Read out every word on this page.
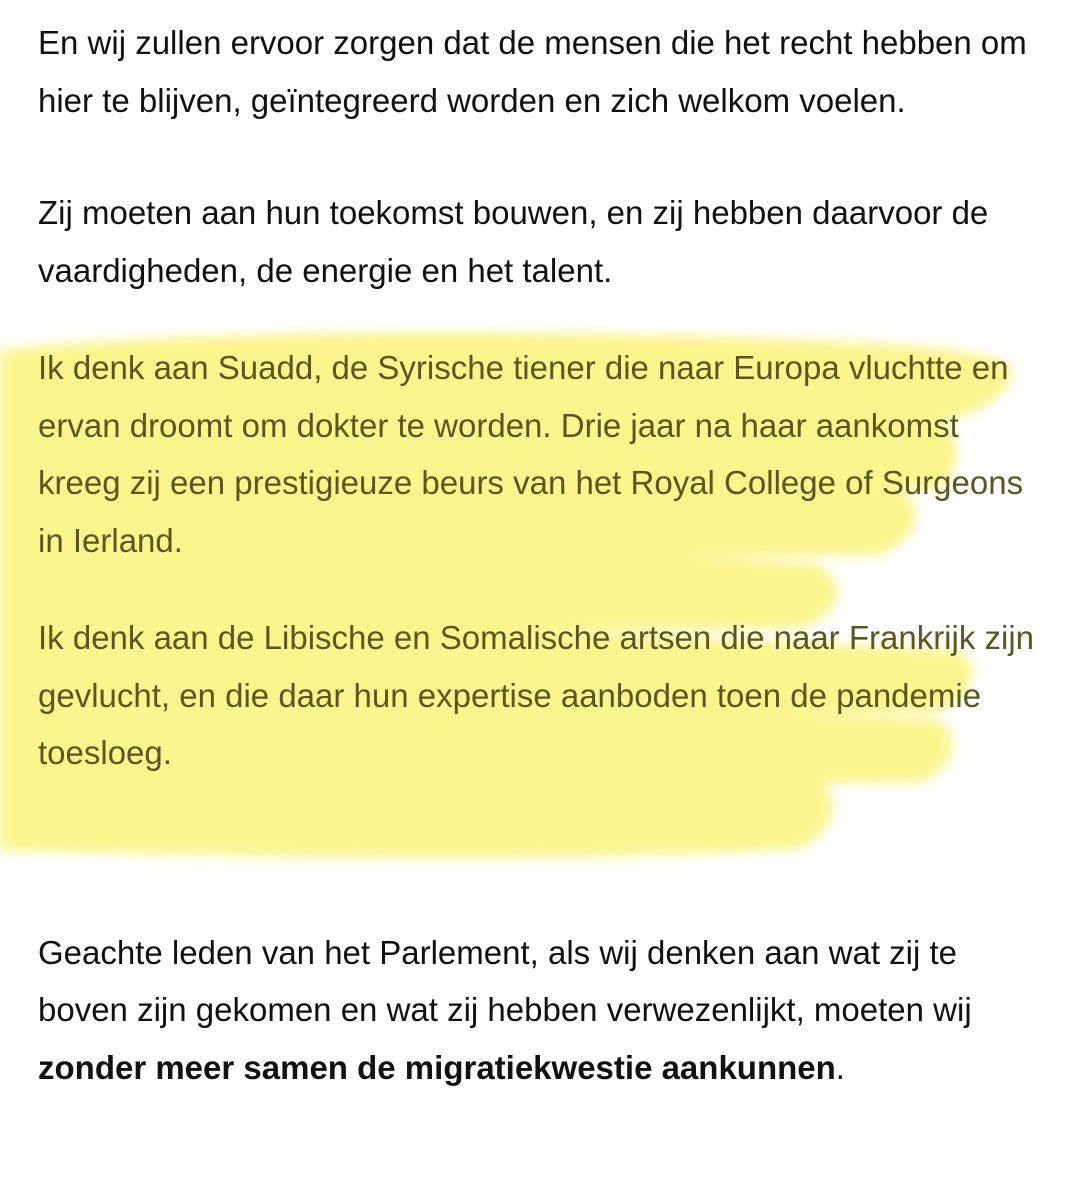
En wij zullen ervoor zorgen dat de mensen die het recht hebben om hier te blijven, geïntegreerd worden en zich welkom voelen.

Zij moeten aan hun toekomst bouwen, en zij hebben daarvoor de vaardigheden, de energie en het talent.

Ik denk aan Suadd, de Syrische tiener die naar Europa vluchtte en ervan droomt om dokter te worden. Drie jaar na haar aankomst kreeg zij een prestigieuze beurs van het Royal College of Surgeons in Ierland.

Ik denk aan de Libische en Somalische artsen die naar Frankrijk zijn gevlucht, en die daar hun expertise aanboden toen de pandemie toesloeg.

Geachte leden van het Parlement, als wij denken aan wat zij te boven zijn gekomen en wat zij hebben verwezenlijkt, moeten wij zonder meer samen de migratiekwestie aankunnen.
